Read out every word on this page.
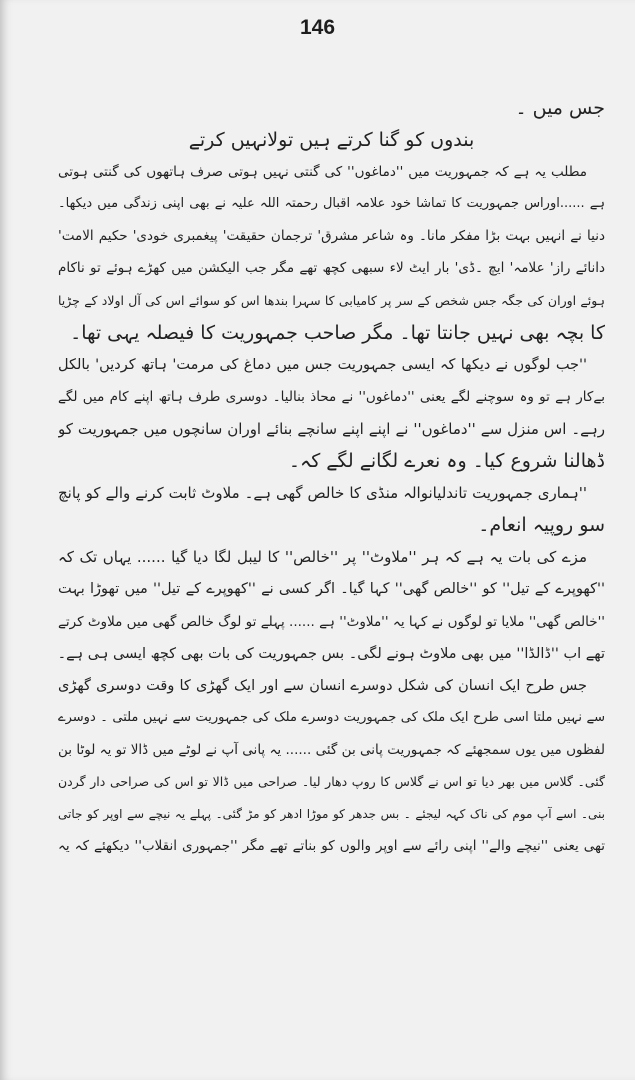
146
جس میں ۔
بندوں کو گنا کرتے ہیں تولانہیں کرتے
مطلب یہ ہے کہ جمہوریت میں ''دماغوں'' کی گنتی نہیں ہوتی صرف ہاتھوں کی گنتی ہوتی
ہے ......اوراس جمہوریت کا تماشا خود علامہ اقبال رحمتہ اللہ علیہ نے بھی اپنی زندگی میں دیکھا۔
دنیا نے انہیں بہت بڑا مفکر مانا۔ وہ شاعر مشرق' ترجمان حقیقت' پیغمبری خودی' حکیم الامت'
دانائے راز' علامہ' ایچ ۔ڈی' بار ایٹ لاء سبھی کچھ تھے مگر جب الیکشن میں کھڑے ہوئے تو ناکام
ہوئے اوران کی جگہ جس شخص کے سر پر کامیابی کا سہرا بندھا اس کو سوائے اس کی آل اولاد کے چڑیا
کا بچہ بھی نہیں جانتا تھا۔ مگر صاحب جمہوریت کا فیصلہ یہی تھا۔
''جب لوگوں نے دیکھا کہ ایسی جمہوریت جس میں دماغ کی مرمت' ہاتھ کردیں' بالکل
بےکار ہے تو وہ سوچنے لگے یعنی ''دماغوں'' نے محاذ بنالیا۔ دوسری طرف ہاتھ اپنے کام میں لگے
رہے۔ اس منزل سے ''دماغوں'' نے اپنے اپنے سانچے بنائے اوران سانچوں میں جمہوریت کو
ڈھالنا شروع کیا۔ وہ نعرے لگانے لگے کہ۔
''ہماری جمہوریت تاندلیانوالہ منڈی کا خالص گھی ہے۔ ملاوٹ ثابت کرنے والے کو پانچ
سو روپیہ انعام۔
مزے کی بات یہ ہے کہ ہر ''ملاوٹ'' پر ''خالص'' کا لیبل لگا دیا گیا ...... یہاں تک کہ
''کھوپرے کے تیل'' کو ''خالص گھی'' کہا گیا۔ اگر کسی نے ''کھوپرے کے تیل'' میں تھوڑا بہت
''خالص گھی'' ملایا تو لوگوں نے کہا یہ ''ملاوٹ'' ہے ...... پہلے تو لوگ خالص گھی میں ملاوٹ کرتے
تھے اب ''ڈالڈا'' میں بھی ملاوٹ ہونے لگی۔ بس جمہوریت کی بات بھی کچھ ایسی ہی ہے۔
جس طرح ایک انسان کی شکل دوسرے انسان سے اور ایک گھڑی کا وقت دوسری گھڑی
سے نہیں ملتا اسی طرح ایک ملک کی جمہوریت دوسرے ملک کی جمہوریت سے نہیں ملتی ۔ دوسرے
لفظوں میں یوں سمجھئے کہ جمہوریت پانی بن گئی ...... یہ پانی آپ نے لوٹے میں ڈالا تو یہ لوٹا بن
گئی۔ گلاس میں بھر دیا تو اس نے گلاس کا روپ دھار لیا۔ صراحی میں ڈالا تو اس کی صراحی دار گردن
بنی۔ اسے آپ موم کی ناک کہہ لیجئے ۔ بس جدھر کو موڑا ادھر کو مڑ گئی۔ پہلے یہ نیچے سے اوپر کو جاتی
تھی یعنی ''نیچے والے'' اپنی رائے سے اوپر والوں کو بناتے تھے مگر ''جمہوری انقلاب'' دیکھئے کہ یہ
